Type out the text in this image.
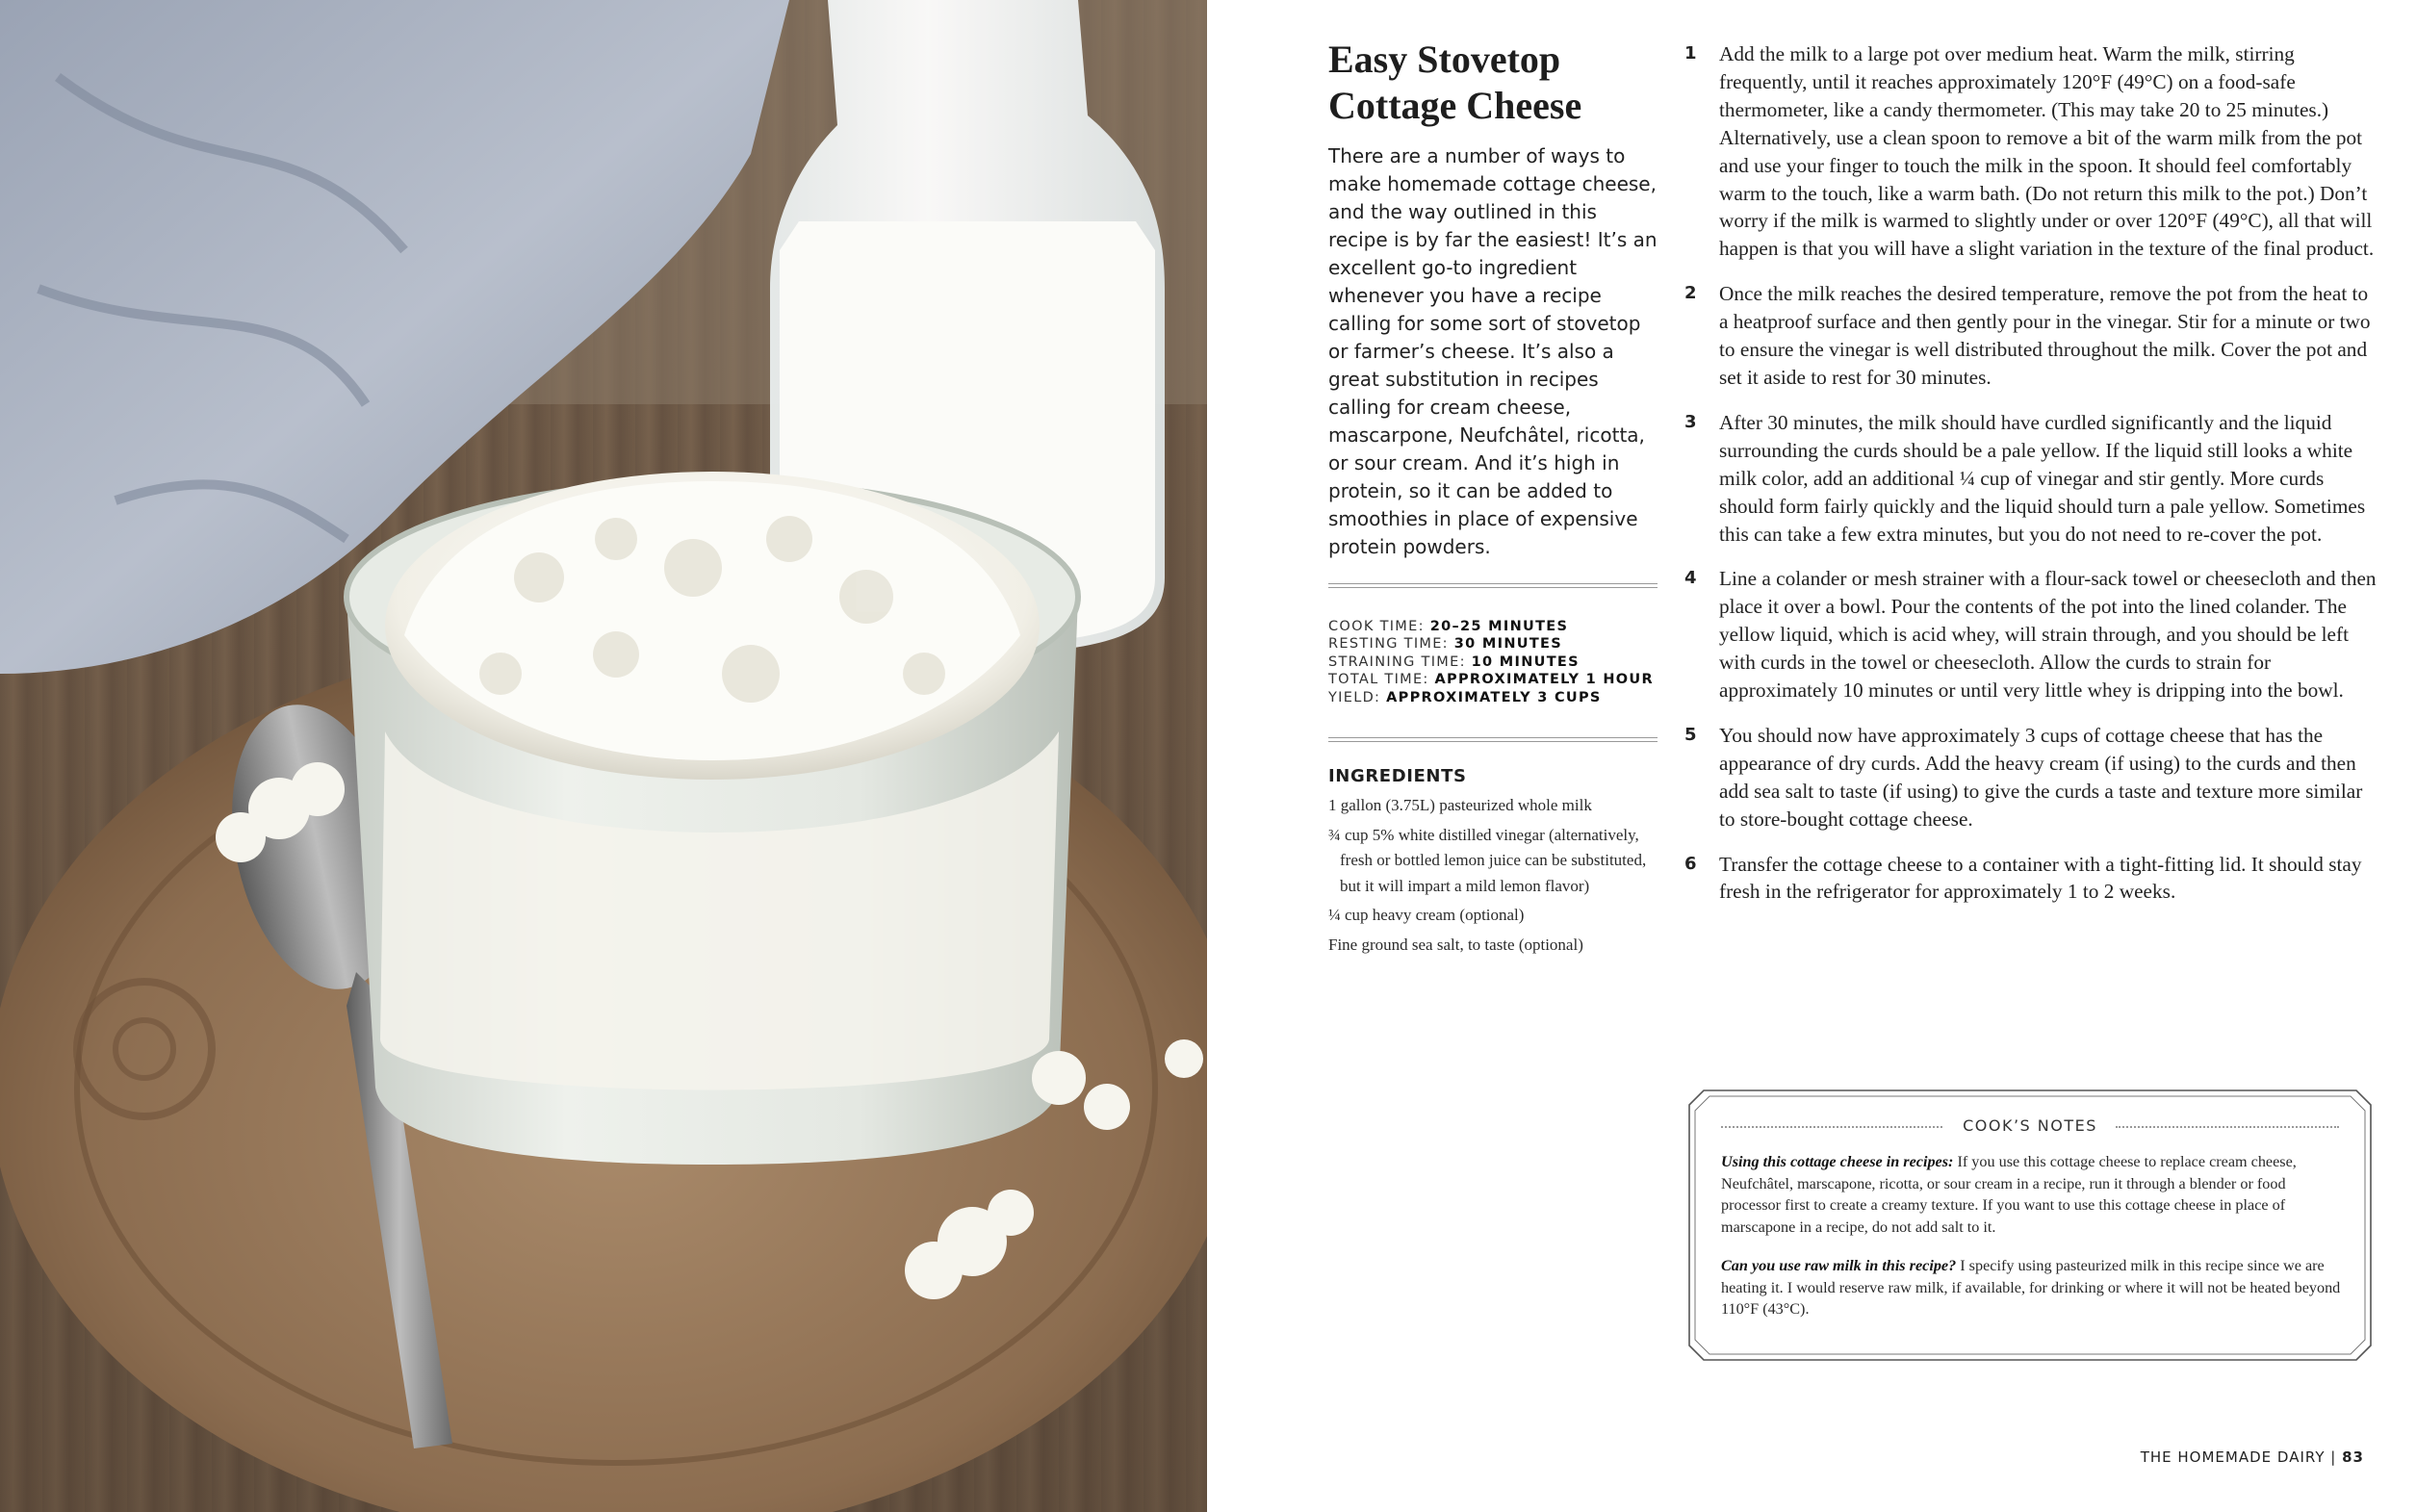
Easy Stovetop Cottage Cheese

There are a number of ways to make homemade cottage cheese, and the way outlined in this recipe is by far the easiest! It’s an excellent go-to ingredient whenever you have a recipe calling for some sort of stovetop or farmer’s cheese. It’s also a great substitution in recipes calling for cream cheese, mascarpone, Neufchâtel, ricotta, or sour cream. And it’s high in protein, so it can be added to smoothies in place of expensive protein powders.

COOK TIME: 20–25 MINUTES
RESTING TIME: 30 MINUTES
STRAINING TIME: 10 MINUTES
TOTAL TIME: APPROXIMATELY 1 HOUR
YIELD: APPROXIMATELY 3 CUPS
INGREDIENTS
1 gallon (3.75L) pasteurized whole milk
¾ cup 5% white distilled vinegar (alternatively, fresh or bottled lemon juice can be substituted, but it will impart a mild lemon flavor)
¼ cup heavy cream (optional)
Fine ground sea salt, to taste (optional)
1 Add the milk to a large pot over medium heat. Warm the milk, stirring frequently, until it reaches approximately 120°F (49°C) on a food-safe thermometer, like a candy thermometer. (This may take 20 to 25 minutes.) Alternatively, use a clean spoon to remove a bit of the warm milk from the pot and use your finger to touch the milk in the spoon. It should feel comfortably warm to the touch, like a warm bath. (Do not return this milk to the pot.) Don’t worry if the milk is warmed to slightly under or over 120°F (49°C), all that will happen is that you will have a slight variation in the texture of the final product.
2 Once the milk reaches the desired temperature, remove the pot from the heat to a heatproof surface and then gently pour in the vinegar. Stir for a minute or two to ensure the vinegar is well distributed throughout the milk. Cover the pot and set it aside to rest for 30 minutes.
3 After 30 minutes, the milk should have curdled significantly and the liquid surrounding the curds should be a pale yellow. If the liquid still looks a white milk color, add an additional ¼ cup of vinegar and stir gently. More curds should form fairly quickly and the liquid should turn a pale yellow. Sometimes this can take a few extra minutes, but you do not need to re-cover the pot.
4 Line a colander or mesh strainer with a flour-sack towel or cheesecloth and then place it over a bowl. Pour the contents of the pot into the lined colander. The yellow liquid, which is acid whey, will strain through, and you should be left with curds in the towel or cheesecloth. Allow the curds to strain for approximately 10 minutes or until very little whey is dripping into the bowl.
5 You should now have approximately 3 cups of cottage cheese that has the appearance of dry curds. Add the heavy cream (if using) to the curds and then add sea salt to taste (if using) to give the curds a taste and texture more similar to store-bought cottage cheese.
6 Transfer the cottage cheese to a container with a tight-fitting lid. It should stay fresh in the refrigerator for approximately 1 to 2 weeks.
COOK’S NOTES

Using this cottage cheese in recipes: If you use this cottage cheese to replace cream cheese, Neufchâtel, marscapone, ricotta, or sour cream in a recipe, run it through a blender or food processor first to create a creamy texture. If you want to use this cottage cheese in place of marscapone in a recipe, do not add salt to it.

Can you use raw milk in this recipe? I specify using pasteurized milk in this recipe since we are heating it. I would reserve raw milk, if available, for drinking or where it will not be heated beyond 110°F (43°C).

THE HOMEMADE DAIRY | 83
